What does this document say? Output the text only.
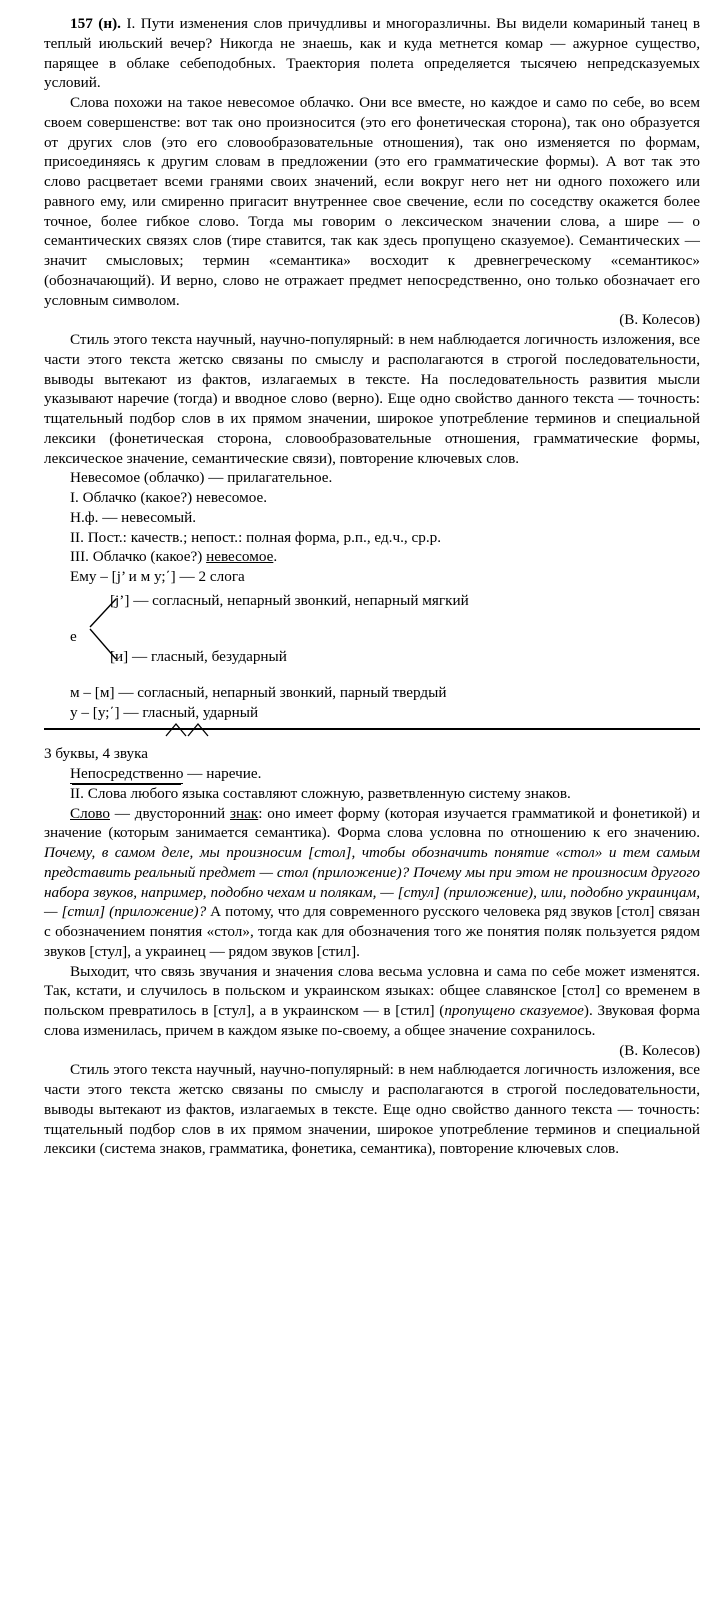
157 (н). I. Пути изменения слов причудливы и многоразличны. Вы видели комариный танец в теплый июльский вечер? Никогда не знаешь, как и куда метнется комар — ажурное существо, парящее в облаке себеподобных. Траектория полета определяется тысячею непредсказуемых условий.

Слова похожи на такое невесомое облачко. Они все вместе, но каждое и само по себе, во всем своем совершенстве: вот так оно произносится (это его фонетическая сторона), так оно образуется от других слов (это его словообразовательные отношения), так оно изменяется по формам, присоединяясь к другим словам в предложении (это его грамматические формы). А вот так это слово расцветает всеми гранями своих значений, если вокруг него нет ни одного похожего или равного ему, или смиренно пригасит внутреннее свое свечение, если по соседству окажется более точное, более гибкое слово. Тогда мы говорим о лексическом значении слова, а шире — о семантических связях слов (тире ставится, так как здесь пропущено сказуемое). Семантических — значит смысловых; термин «семантика» восходит к древнегреческому «семантикос» (обозначающий). И верно, слово не отражает предмет непосредственно, оно только обозначает его условным символом.

(В. Колесов)

Стиль этого текста научный, научно-популярный: в нем наблюдается логичность изложения, все части этого текста жетско связаны по смыслу и располагаются в строгой последовательности, выводы вытекают из фактов, излагаемых в тексте. На последовательность развития мысли указывают наречие (тогда) и вводное слово (верно). Еще одно свойство данного текста — точность: тщательный подбор слов в их прямом значении, широкое употребление терминов и специальной лексики (фонетическая сторона, словообразовательные отношения, грамматические формы, лексическое значение, семантические связи), повторение ключевых слов.

Невесомое (облачко) — прилагательное.

I. Облачко (какое?) невесомое.

Н.ф. — невесомый.

II. Пост.: качеств.; непост.: полная форма, р.п., ед.ч., ср.р.

III. Облачко (какое?) невесомое.

Ему – [j’ и м у;΄] — 2 слога

е
[j’] — согласный, непарный звонкий, непарный мягкий
[и] — гласный, безударный

м – [м] — согласный, непарный звонкий, парный твердый

у – [у;΄] — гласный, ударный

3 буквы, 4 звука

Непосредственно — наречие.

II. Слова любого языка составляют сложную, разветвленную систему знаков.

Слово — двусторонний знак: оно имеет форму (которая изучается грамматикой и фонетикой) и значение (которым занимается семантика). Форма слова условна по отношению к его значению. Почему, в самом деле, мы произносим [стол], чтобы обозначить понятие «стол» и тем самым представить реальный предмет — стол (приложение)? Почему мы при этом не произносим другого набора звуков, например, подобно чехам и полякам, — [стул] (приложение), или, подобно украинцам, — [стил] (приложение)? А потому, что для современного русского человека ряд звуков [стол] связан с обозначением понятия «стол», тогда как для обозначения того же понятия поляк пользуется рядом звуков [стул], а украинец — рядом звуков [стил].

Выходит, что связь звучания и значения слова весьма условна и сама по себе может изменятся. Так, кстати, и случилось в польском и украинском языках: общее славянское [стол] со временем в польском превратилось в [стул], а в украинском — в [стил] (пропущено сказуемое). Звуковая форма слова изменилась, причем в каждом языке по-своему, а общее значение сохранилось.

(В. Колесов)

Стиль этого текста научный, научно-популярный: в нем наблюдается логичность изложения, все части этого текста жетско связаны по смыслу и располагаются в строгой последовательности, выводы вытекают из фактов, излагаемых в тексте. Еще одно свойство данного текста — точность: тщательный подбор слов в их прямом значении, широкое употребление терминов и специальной лексики (система знаков, грамматика, фонетика, семантика), повторение ключевых слов.
